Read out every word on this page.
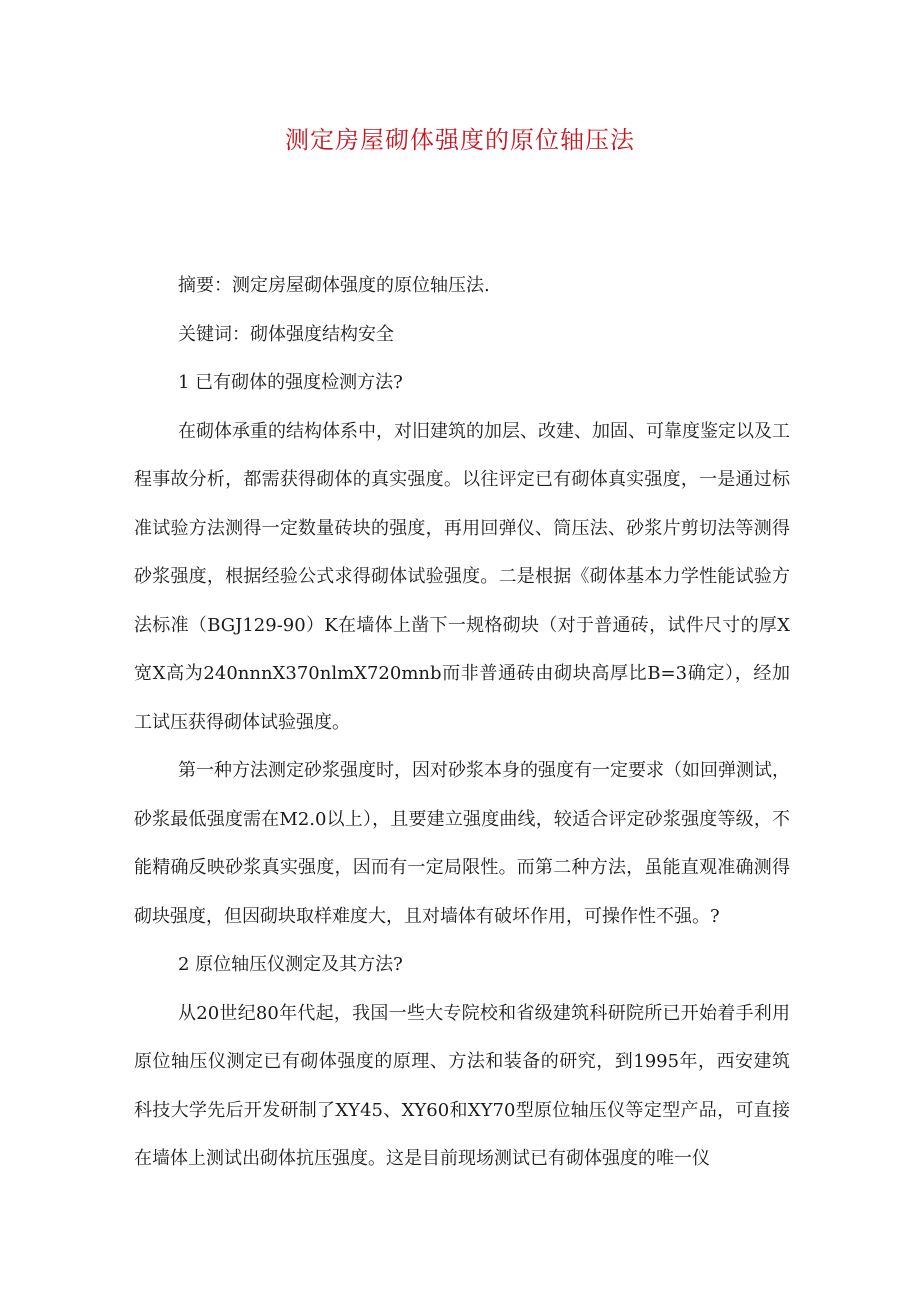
测定房屋砌体强度的原位轴压法

摘要：测定房屋砌体强度的原位轴压法.

关键词：砌体强度结构安全

1 已有砌体的强度检测方法?

在砌体承重的结构体系中，对旧建筑的加层、改建、加固、可靠度鉴定以及工程事故分析，都需获得砌体的真实强度。以往评定已有砌体真实强度，一是通过标准试验方法测得一定数量砖块的强度，再用回弹仪、筒压法、砂浆片剪切法等测得砂浆强度，根据经验公式求得砌体试验强度。二是根据《砌体基本力学性能试验方法标准（BGJ129-90）K在墙体上凿下一规格砌块（对于普通砖，试件尺寸的厚X宽X高为240nnnX370nlmX720mnb而非普通砖由砌块高厚比B=3确定），经加工试压获得砌体试验强度。

第一种方法测定砂浆强度时，因对砂浆本身的强度有一定要求（如回弹测试，砂浆最低强度需在M2.0以上），且要建立强度曲线，较适合评定砂浆强度等级，不能精确反映砂浆真实强度，因而有一定局限性。而第二种方法，虽能直观准确测得砌块强度，但因砌块取样难度大，且对墙体有破坏作用，可操作性不强。?

2 原位轴压仪测定及其方法?

从20世纪80年代起，我国一些大专院校和省级建筑科研院所已开始着手利用原位轴压仪测定已有砌体强度的原理、方法和装备的研究，到1995年，西安建筑科技大学先后开发研制了XY45、XY60和XY70型原位轴压仪等定型产品，可直接在墙体上测试出砌体抗压强度。这是目前现场测试已有砌体强度的唯一仪
